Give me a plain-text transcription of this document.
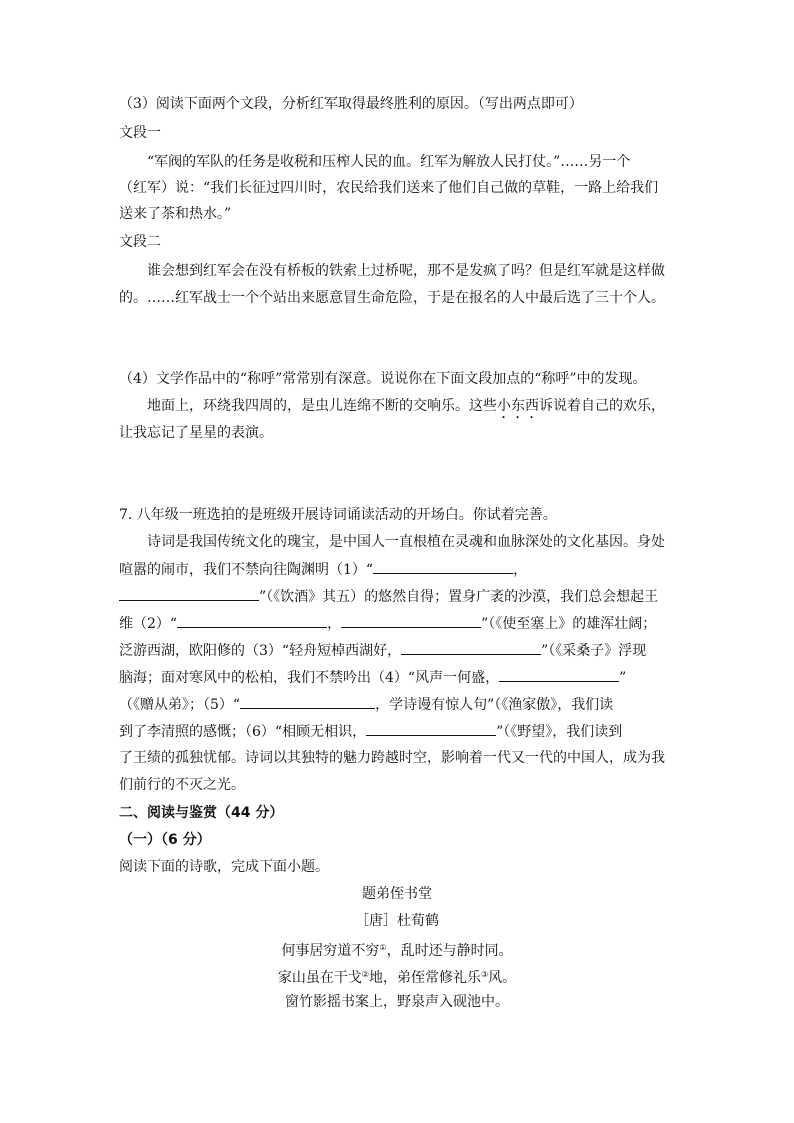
（3）阅读下面两个文段，分析红军取得最终胜利的原因。（写出两点即可）
文段一
“军阀的军队的任务是收税和压榨人民的血。红军为解放人民打仗。”……另一个
（红军）说：“我们长征过四川时，农民给我们送来了他们自己做的草鞋，一路上给我们
送来了茶和热水。”
文段二
谁会想到红军会在没有桥板的铁索上过桥呢，那不是发疯了吗？但是红军就是这样做
的。……红军战士一个个站出来愿意冒生命危险，于是在报名的人中最后选了三十个人。
（4）文学作品中的“称呼”常常别有深意。说说你在下面文段加点的“称呼”中的发现。
地面上，环绕我四周的，是虫儿连绵不断的交响乐。这些小东西诉说着自己的欢乐，
让我忘记了星星的表演。
7. 八年级一班选拍的是班级开展诗词诵读活动的开场白。你试着完善。
诗词是我国传统文化的瑰宝，是中国人一直根植在灵魂和血脉深处的文化基因。身处
喧嚣的闹市，我们不禁向往陶渊明（1）“	，
”（《饮酒》其五）的悠然自得；置身广袤的沙漠，我们总会想起王
维（2）“	，	”（《使至塞上》的雄浑壮阔；
泛游西湖，欧阳修的（3）“轻舟短棹西湖好，	”（《采桑子》浮现
脑海；面对寒风中的松柏，我们不禁吟出（4）“风声一何盛，	”
（《赠从弟》；（5）“	，学诗谩有惊人句”（《渔家傲》，我们读
到了李清照的感慨；（6）“相顾无相识，	”（《野望》，我们读到
了王绩的孤独忧郁。诗词以其独特的魅力跨越时空，影响着一代又一代的中国人，成为我
们前行的不灭之光。
二、阅读与鉴赏（44 分）
（一）（6 分）
阅读下面的诗歌，完成下面小题。
题弟侄书堂
［唐］杜荀鹤
何事居穷道不穷①，乱时还与静时同。
家山虽在干戈②地，弟侄常修礼乐③风。
窗竹影摇书案上，野泉声入砚池中。
